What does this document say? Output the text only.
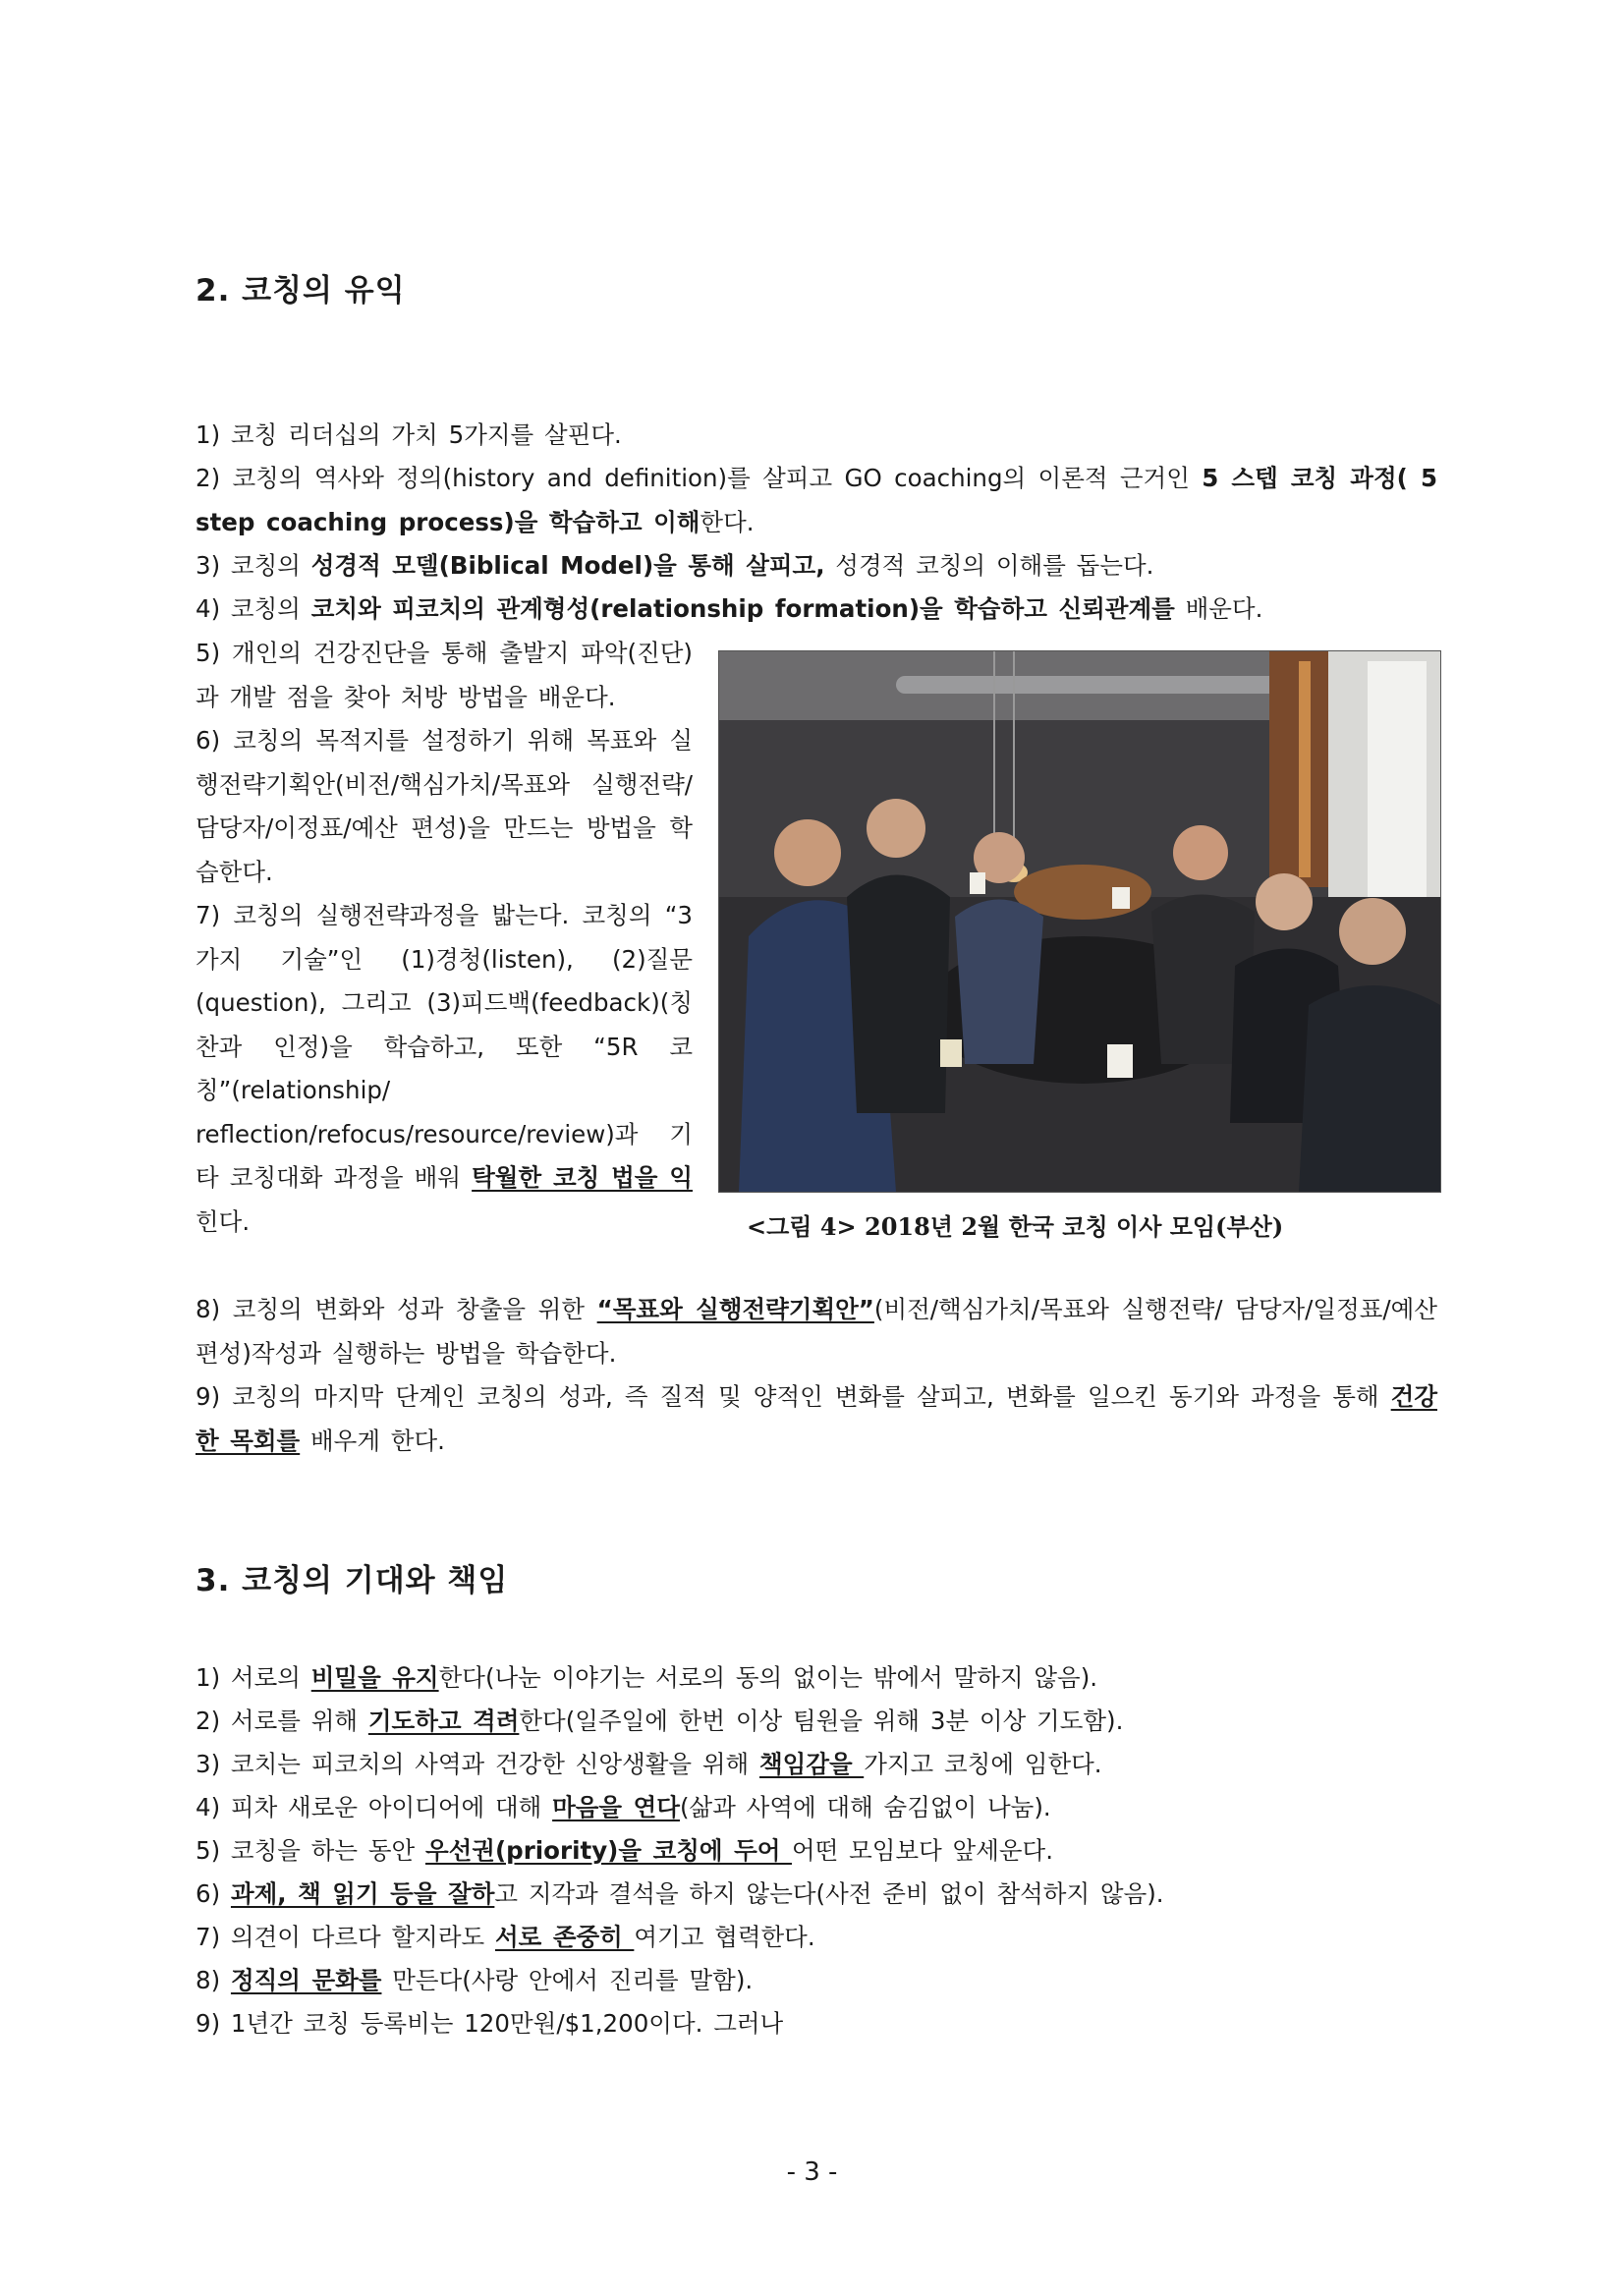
2. 코칭의 유익

1) 코칭 리더십의 가치 5가지를 살핀다.

2) 코칭의 역사와 정의(history and definition)를 살피고 GO coaching의 이론적 근거인 5 스텝 코칭 과정( 5 step coaching process)을 학습하고 이해한다.

3) 코칭의 성경적 모델(Biblical Model)을 통해 살피고, 성경적 코칭의 이해를 돕는다.

4) 코칭의 코치와 피코치의 관계형성(relationship formation)을 학습하고 신뢰관계를 배운다.

5) 개인의 건강진단을 통해 출발지 파악(진단)과 개발 점을 찾아 처방 방법을 배운다.
6) 코칭의 목적지를 설정하기 위해 목표와 실행전략기획안(비전/핵심가치/목표와 실행전략/ 담당자/이정표/예산 편성)을 만드는 방법을 학습한다.
7) 코칭의 실행전략과정을 밟는다. 코칭의 “3가지 기술”인 (1)경청(listen), (2)질문(question), 그리고 (3)피드백(feedback)(칭찬과 인정)을 학습하고, 또한 “5R 코칭”(relationship/ reflection/refocus/resource/review)과 기타 코칭대화 과정을 배워 탁월한 코칭 법을 익힌다.	<그림 4> 2018년 2월 한국 코칭 이사 모임(부산)

8) 코칭의 변화와 성과 창출을 위한 “목표와 실행전략기획안”(비전/핵심가치/목표와 실행전략/ 담당자/일정표/예산 편성)작성과 실행하는 방법을 학습한다.

9) 코칭의 마지막 단계인 코칭의 성과, 즉 질적 및 양적인 변화를 살피고, 변화를 일으킨 동기와 과정을 통해 건강한 목회를 배우게 한다.

3. 코칭의 기대와 책임

1) 서로의 비밀을 유지한다(나눈 이야기는 서로의 동의 없이는 밖에서 말하지 않음).

2) 서로를 위해 기도하고 격려한다(일주일에 한번 이상 팀원을 위해 3분 이상 기도함).

3) 코치는 피코치의 사역과 건강한 신앙생활을 위해 책임감을 가지고 코칭에 임한다.

4) 피차 새로운 아이디어에 대해 마음을 연다(삶과 사역에 대해 숨김없이 나눔).

5) 코칭을 하는 동안 우선권(priority)을 코칭에 두어 어떤 모임보다 앞세운다.

6) 과제, 책 읽기 등을 잘하고 지각과 결석을 하지 않는다(사전 준비 없이 참석하지 않음).

7) 의견이 다르다 할지라도 서로 존중히 여기고 협력한다.

8) 정직의 문화를 만든다(사랑 안에서 진리를 말함).

9) 1년간 코칭 등록비는 120만원/$1,200이다. 그러나

- 3 -
